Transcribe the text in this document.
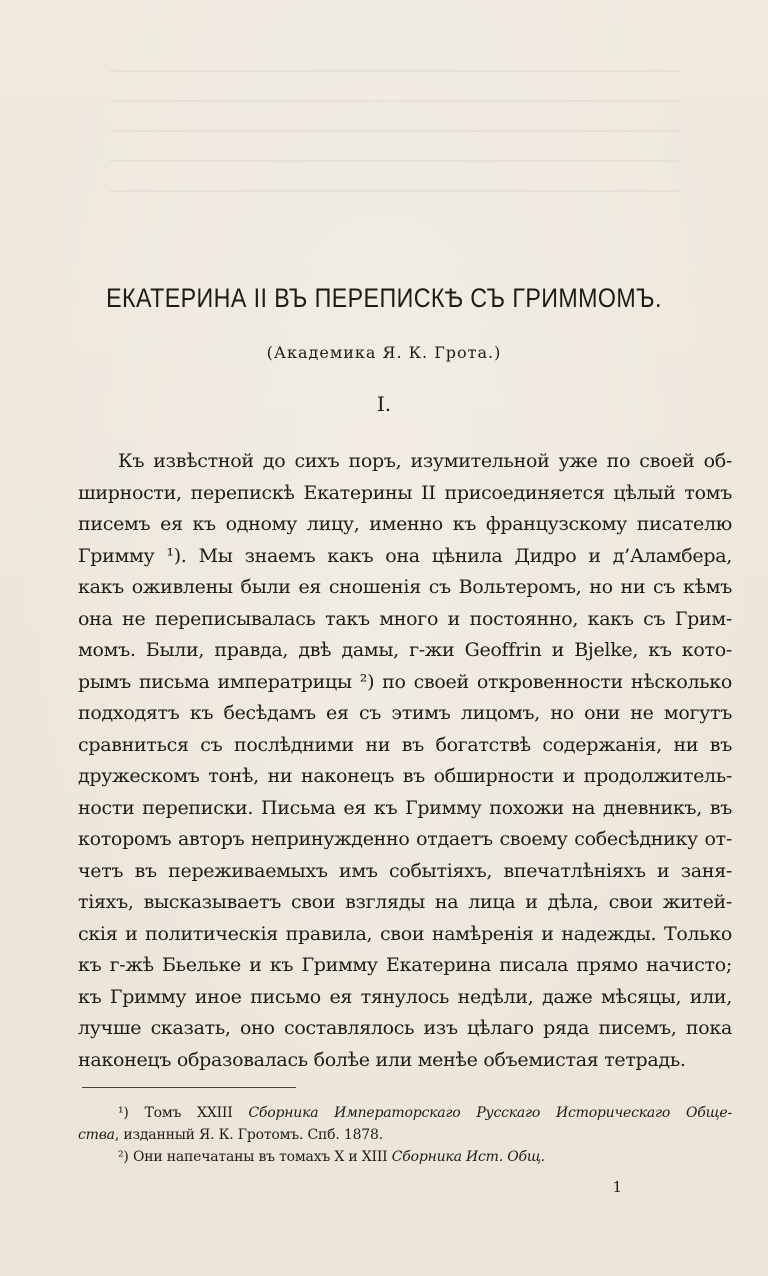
ЕКАТЕРИНА II ВЪ ПЕРЕПИСКѢ СЪ ГРИММОМЪ.
(Академика Я. К. Грота.)
I.
Къ извѣстной до сихъ поръ, изумительной уже по своей об-
ширности, перепискѣ Екатерины II присоединяется цѣлый томъ
писемъ ея къ одному лицу, именно къ французскому писателю
Гримму ¹). Мы знаемъ какъ она цѣнила Дидро и д’Аламбера,
какъ оживлены были ея сношенія съ Вольтеромъ, но ни съ кѣмъ
она не переписывалась такъ много и постоянно, какъ съ Грим-
момъ. Были, правда, двѣ дамы, г-жи Geoffrin и Bjelke, къ кото-
рымъ письма императрицы ²) по своей откровенности нѣсколько
подходятъ къ бесѣдамъ ея съ этимъ лицомъ, но они не могутъ
сравниться съ послѣдними ни въ богатствѣ содержанія, ни въ
дружескомъ тонѣ, ни наконецъ въ обширности и продолжитель-
ности переписки. Письма ея къ Гримму похожи на дневникъ, въ
которомъ авторъ непринужденно отдаетъ своему собесѣднику от-
четъ въ переживаемыхъ имъ событіяхъ, впечатлѣніяхъ и заня-
тіяхъ, высказываетъ свои взгляды на лица и дѣла, свои житей-
скія и политическія правила, свои намѣренія и надежды. Только
къ г-жѣ Бьельке и къ Гримму Екатерина писала прямо начисто;
къ Гримму иное письмо ея тянулось недѣли, даже мѣсяцы, или,
лучше сказать, оно составлялось изъ цѣлаго ряда писемъ, пока
наконецъ образовалась болѣе или менѣе объемистая тетрадь.
¹) Томъ XXIII Сборника Императорскаго Русскаго Историческаго Обще-
ства, изданный Я. К. Гротомъ. Спб. 1878.
²) Они напечатаны въ томахъ X и XIII Сборника Ист. Общ.
1
